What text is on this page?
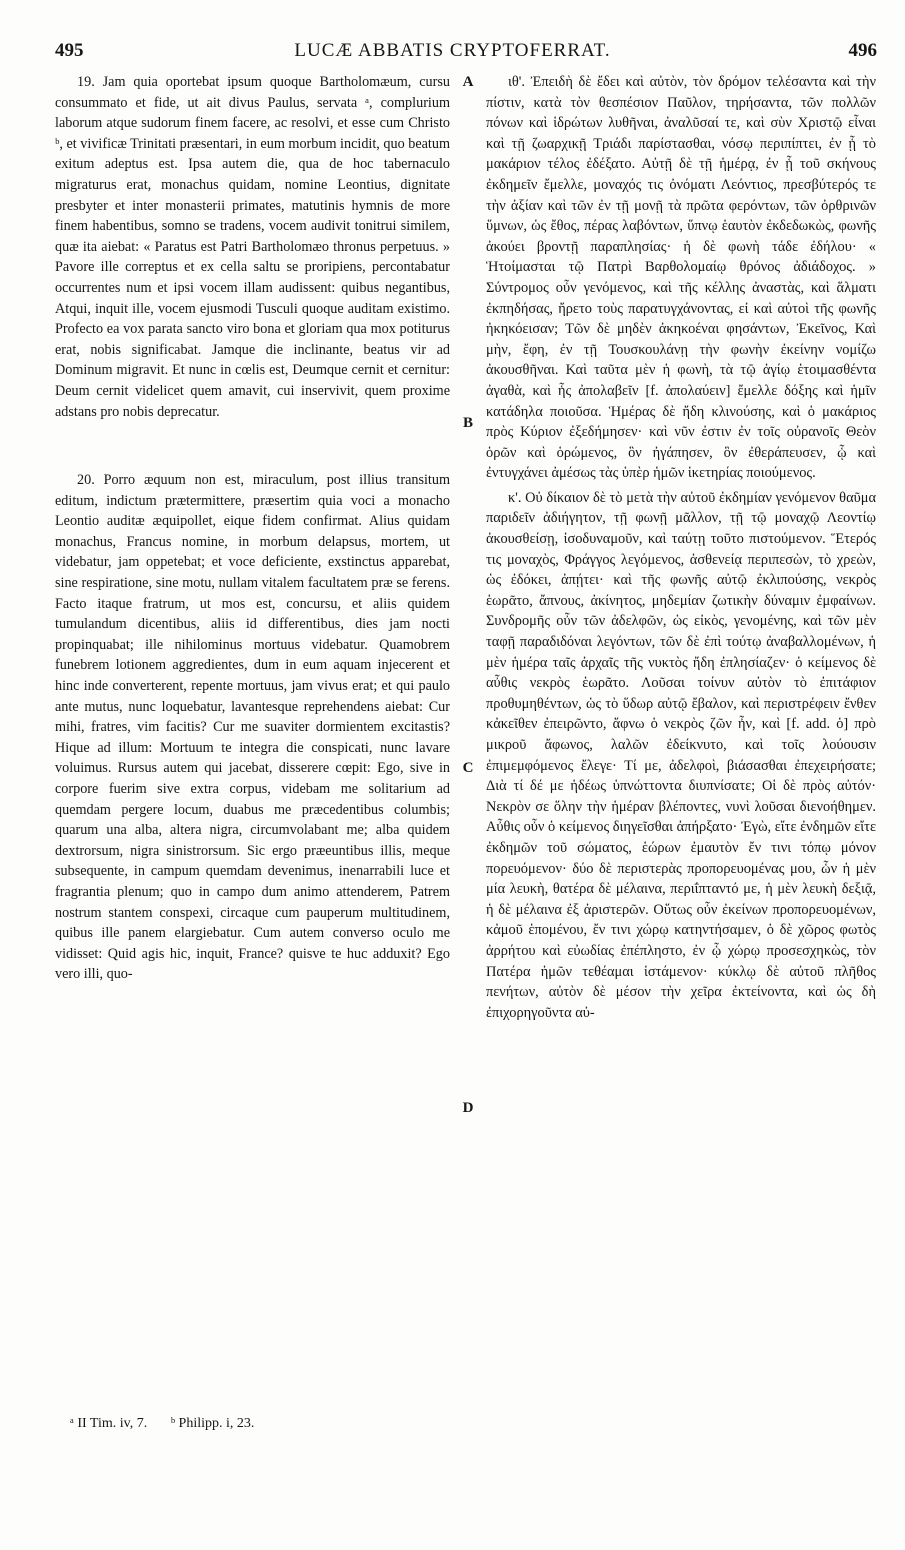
495	LUCÆ ABBATIS CRYPTOFERRAT.	496

19. Jam quia oportebat ipsum quoque Bartholomæum, cursu consummato et fide, ut ait divus Paulus, servata ᵃ, complurium laborum atque sudorum finem facere, ac resolvi, et esse cum Christo ᵇ, et vivificæ Trinitati præsentari, in eum morbum incidit, quo beatum exitum adeptus est. Ipsa autem die, qua de hoc tabernaculo migraturus erat, monachus quidam, nomine Leontius, dignitate presbyter et inter monasterii primates, matutinis hymnis de more finem habentibus, somno se tradens, vocem audivit tonitrui similem, quæ ita aiebat: « Paratus est Patri Bartholomæo thronus perpetuus. » Pavore ille correptus et ex cella saltu se proripiens, percontabatur occurrentes num et ipsi vocem illam audissent: quibus negantibus, Atqui, inquit ille, vocem ejusmodi Tusculi quoque auditam existimo. Profecto ea vox parata sancto viro bona et gloriam qua mox potiturus erat, nobis significabat. Jamque die inclinante, beatus vir ad Dominum migravit. Et nunc in cœlis est, Deumque cernit et cernitur: Deum cernit videlicet quem amavit, cui inservivit, quem proxime adstans pro nobis deprecatur.

20. Porro æquum non est, miraculum, post illius transitum editum, indictum prætermittere, præsertim quia voci a monacho Leontio auditæ æquipollet, eique fidem confirmat. Alius quidam monachus, Francus nomine, in morbum delapsus, mortem, ut videbatur, jam oppetebat; et voce deficiente, exstinctus apparebat, sine respiratione, sine motu, nullam vitalem facultatem præ se ferens. Facto itaque fratrum, ut mos est, concursu, et aliis quidem tumulandum dicentibus, aliis id differentibus, dies jam nocti propinquabat; ille nihilominus mortuus videbatur. Quamobrem funebrem lotionem aggredientes, dum in eum aquam injecerent et hinc inde converterent, repente mortuus, jam vivus erat; et qui paulo ante mutus, nunc loquebatur, lavantesque reprehendens aiebat: Cur mihi, fratres, vim facitis? Cur me suaviter dormientem excitastis? Hique ad illum: Mortuum te integra die conspicati, nunc lavare voluimus. Rursus autem qui jacebat, disserere cœpit: Ego, sive in corpore fuerim sive extra corpus, videbam me solitarium ad quemdam pergere locum, duabus me præcedentibus columbis; quarum una alba, altera nigra, circumvolabant me; alba quidem dextrorsum, nigra sinistrorsum. Sic ergo præeuntibus illis, meque subsequente, in campum quemdam devenimus, inenarrabili luce et fragrantia plenum; quo in campo dum animo attenderem, Patrem nostrum stantem conspexi, circaque cum pauperum multitudinem, quibus ille panem elargiebatur. Cum autem converso oculo me vidisset: Quid agis hic, inquit, France? quisve te huc adduxit? Ego vero illi, quo-

A
B
C
D

ιθ'. Ἐπειδὴ δὲ ἔδει καὶ αὐτὸν, τὸν δρόμον τελέσαντα καὶ τὴν πίστιν, κατὰ τὸν θεσπέσιον Παῦλον, τηρήσαντα, τῶν πολλῶν πόνων καὶ ἱδρώτων λυθῆναι, ἀναλῦσαί τε, καὶ σὺν Χριστῷ εἶναι καὶ τῇ ζωαρχικῇ Τριάδι παρίστασθαι, νόσῳ περιπίπτει, ἐν ᾗ τὸ μακάριον τέλος ἐδέξατο. Αὐτῇ δὲ τῇ ἡμέρᾳ, ἐν ᾗ τοῦ σκήνους ἐκδημεῖν ἔμελλε, μοναχός τις ὀνόματι Λεόντιος, πρεσβύτερός τε τὴν ἀξίαν καὶ τῶν ἐν τῇ μονῇ τὰ πρῶτα φερόντων, τῶν ὀρθρινῶν ὕμνων, ὡς ἔθος, πέρας λαβόντων, ὕπνῳ ἑαυτὸν ἐκδεδωκὼς, φωνῆς ἀκούει βροντῇ παραπλησίας· ἡ δὲ φωνὴ τάδε ἐδήλου· « Ἡτοίμασται τῷ Πατρὶ Βαρθολομαίῳ θρόνος ἀδιάδοχος. » Σύντρομος οὖν γενόμενος, καὶ τῆς κέλλης ἀναστὰς, καὶ ἅλματι ἐκπηδήσας, ἤρετο τοὺς παρατυγχάνοντας, εἰ καὶ αὐτοὶ τῆς φωνῆς ἠκηκόεισαν; Τῶν δὲ μηδὲν ἀκηκοέναι φησάντων, Ἐκεῖνος, Καὶ μὴν, ἔφη, ἐν τῇ Τουσκουλάνῃ τὴν φωνὴν ἐκείνην νομίζω ἀκουσθῆναι. Καὶ ταῦτα μὲν ἡ φωνὴ, τὰ τῷ ἁγίῳ ἑτοιμασθέντα ἀγαθὰ, καὶ ἧς ἀπολαβεῖν [f. ἀπολαύειν] ἔμελλε δόξης καὶ ἡμῖν κατάδηλα ποιοῦσα. Ἡμέρας δὲ ἤδη κλινούσης, καὶ ὁ μακάριος πρὸς Κύριον ἐξεδήμησεν· καὶ νῦν ἐστιν ἐν τοῖς οὐρανοῖς Θεὸν ὁρῶν καὶ ὁρώμενος, ὃν ἠγάπησεν, ὃν ἐθεράπευσεν, ᾧ καὶ ἐντυγχάνει ἀμέσως τὰς ὑπὲρ ἡμῶν ἱκετηρίας ποιούμενος.

κ'. Οὐ δίκαιον δὲ τὸ μετὰ τὴν αὐτοῦ ἐκδημίαν γενόμενον θαῦμα παριδεῖν ἀδιήγητον, τῇ φωνῇ μᾶλλον, τῇ τῷ μοναχῷ Λεοντίῳ ἀκουσθείσῃ, ἰσοδυναμοῦν, καὶ ταύτῃ τοῦτο πιστούμενον. Ἕτερός τις μοναχὸς, Φράγγος λεγόμενος, ἀσθενείᾳ περιπεσὼν, τὸ χρεὼν, ὡς ἐδόκει, ἀπῄτει· καὶ τῆς φωνῆς αὐτῷ ἐκλιπούσης, νεκρὸς ἑωρᾶτο, ἄπνους, ἀκίνητος, μηδεμίαν ζωτικὴν δύναμιν ἐμφαίνων. Συνδρομῆς οὖν τῶν ἀδελφῶν, ὡς εἰκὸς, γενομένης, καὶ τῶν μὲν ταφῇ παραδιδόναι λεγόντων, τῶν δὲ ἐπὶ τούτῳ ἀναβαλλομένων, ἡ μὲν ἡμέρα ταῖς ἀρχαῖς τῆς νυκτὸς ἤδη ἐπλησίαζεν· ὁ κείμενος δὲ αὖθις νεκρὸς ἑωρᾶτο. Λοῦσαι τοίνυν αὐτὸν τὸ ἐπιτάφιον προθυμηθέντων, ὡς τὸ ὕδωρ αὐτῷ ἔβαλον, καὶ περιστρέφειν ἔνθεν κἀκεῖθεν ἐπειρῶντο, ἄφνω ὁ νεκρὸς ζῶν ἦν, καὶ [f. add. ὁ] πρὸ μικροῦ ἄφωνος, λαλῶν ἐδείκνυτο, καὶ τοῖς λούουσιν ἐπιμεμφόμενος ἔλεγε· Τί με, ἀδελφοὶ, βιάσασθαι ἐπεχειρήσατε; Διὰ τί δέ με ἡδέως ὑπνώττοντα διυπνίσατε; Οἱ δὲ πρὸς αὐτόν· Νεκρὸν σε ὅλην τὴν ἡμέραν βλέποντες, νυνὶ λοῦσαι διενοήθημεν. Αὖθις οὖν ὁ κείμενος διηγεῖσθαι ἀπήρξατο· Ἐγὼ, εἴτε ἐνδημῶν εἴτε ἐκδημῶν τοῦ σώματος, ἑώρων ἐμαυτὸν ἔν τινι τόπῳ μόνον πορευόμενον· δύο δὲ περιστερὰς προπορευομένας μου, ὧν ἡ μὲν μία λευκὴ, θατέρα δὲ μέλαινα, περιΐπταντό με, ἡ μὲν λευκὴ δεξιᾷ, ἡ δὲ μέλαινα ἐξ ἀριστερῶν. Οὕτως οὖν ἐκείνων προπορευομένων, κἀμοῦ ἑπομένου, ἔν τινι χώρῳ κατηντήσαμεν, ὁ δὲ χῶρος φωτὸς ἀρρήτου καὶ εὐωδίας ἐπέπληστο, ἐν ᾧ χώρῳ προσεσχηκὼς, τὸν Πατέρα ἡμῶν τεθέαμαι ἱστάμενον· κύκλῳ δὲ αὐτοῦ πλῆθος πενήτων, αὐτὸν δὲ μέσον τὴν χεῖρα ἐκτείνοντα, καὶ ὡς δὴ ἐπιχορηγοῦντα αὐ-

ᵃ II Tim. iv, 7. ᵇ Philipp. i, 23.
